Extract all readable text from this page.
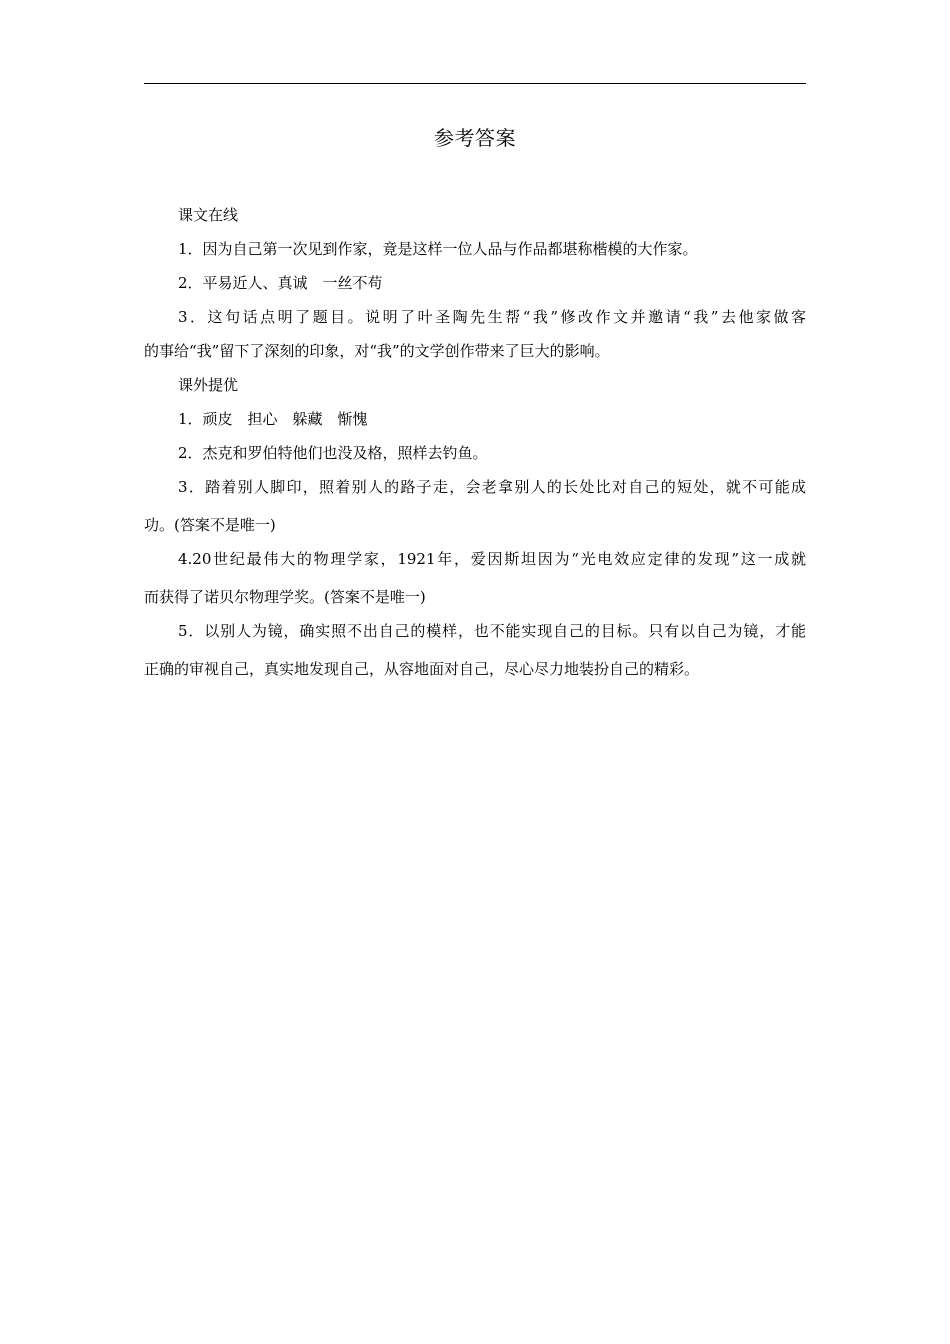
参考答案

课文在线

1．因为自己第一次见到作家，竟是这样一位人品与作品都堪称楷模的大作家。

2．平易近人、真诚　一丝不苟

3．这句话点明了题目。说明了叶圣陶先生帮“我”修改作文并邀请“我”去他家做客

的事给“我”留下了深刻的印象，对“我”的文学创作带来了巨大的影响。

课外提优

1．顽皮　担心　躲藏　惭愧

2．杰克和罗伯特他们也没及格，照样去钓鱼。

3．踏着别人脚印，照着别人的路子走，会老拿别人的长处比对自己的短处，就不可能成

功。(答案不是唯一)

4.20世纪最伟大的物理学家，1921年，爱因斯坦因为“光电效应定律的发现”这一成就

而获得了诺贝尔物理学奖。(答案不是唯一)

5．以别人为镜，确实照不出自己的模样，也不能实现自己的目标。只有以自己为镜，才能

正确的审视自己，真实地发现自己，从容地面对自己，尽心尽力地装扮自己的精彩。
